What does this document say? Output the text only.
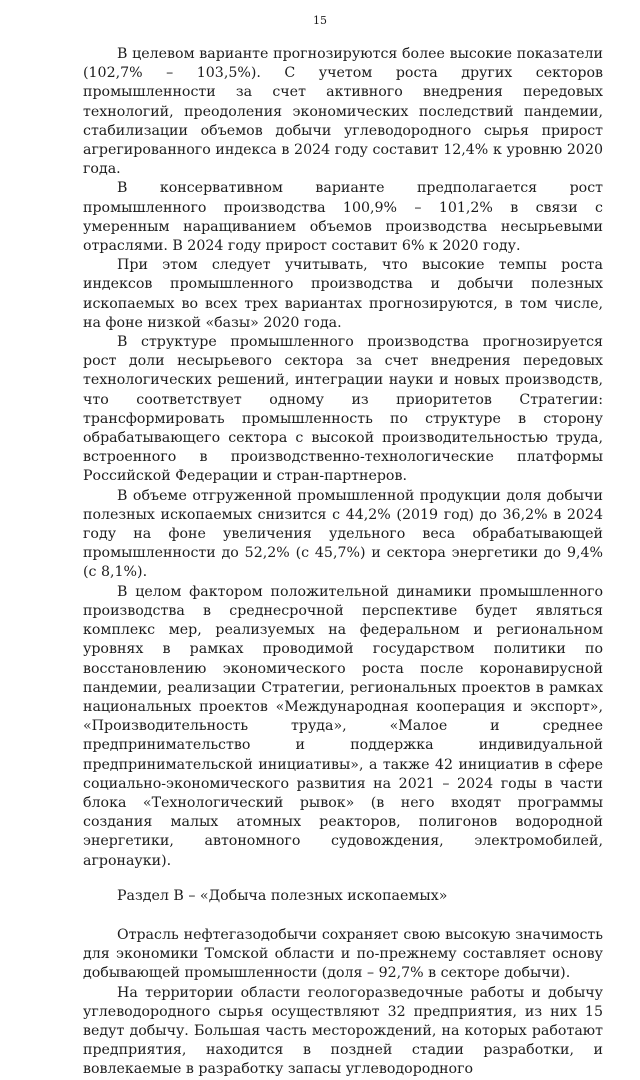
15

В целевом варианте прогнозируются более высокие показатели (102,7% – 103,5%). С учетом роста других секторов промышленности за счет активного внедрения передовых технологий, преодоления экономических последствий пандемии, стабилизации объемов добычи углеводородного сырья прирост агрегированного индекса в 2024 году составит 12,4% к уровню 2020 года.

В консервативном варианте предполагается рост промышленного производства 100,9% – 101,2% в связи с умеренным наращиванием объемов производства несырьевыми отраслями. В 2024 году прирост составит 6% к 2020 году.

При этом следует учитывать, что высокие темпы роста индексов промышленного производства и добычи полезных ископаемых во всех трех вариантах прогнозируются, в том числе, на фоне низкой «базы» 2020 года.

В структуре промышленного производства прогнозируется рост доли несырьевого сектора за счет внедрения передовых технологических решений, интеграции науки и новых производств, что соответствует одному из приоритетов Стратегии: трансформировать промышленность по структуре в сторону обрабатывающего сектора с высокой производительностью труда, встроенного в производственно-технологические платформы Российской Федерации и стран-партнеров.

В объеме отгруженной промышленной продукции доля добычи полезных ископаемых снизится с 44,2% (2019 год) до 36,2% в 2024 году на фоне увеличения удельного веса обрабатывающей промышленности до 52,2% (с 45,7%) и сектора энергетики до 9,4% (с 8,1%).

В целом фактором положительной динамики промышленного производства в среднесрочной перспективе будет являться комплекс мер, реализуемых на федеральном и региональном уровнях в рамках проводимой государством политики по восстановлению экономического роста после коронавирусной пандемии, реализации Стратегии, региональных проектов в рамках национальных проектов «Международная кооперация и экспорт», «Производительность труда», «Малое и среднее предпринимательство и поддержка индивидуальной предпринимательской инициативы», а также 42 инициатив в сфере социально-экономического развития на 2021 – 2024 годы в части блока «Технологический рывок» (в него входят программы создания малых атомных реакторов, полигонов водородной энергетики, автономного судовождения, электромобилей, агронауки).

Раздел В – «Добыча полезных ископаемых»

Отрасль нефтегазодобычи сохраняет свою высокую значимость для экономики Томской области и по-прежнему составляет основу добывающей промышленности (доля – 92,7% в секторе добычи).

На территории области геологоразведочные работы и добычу углеводородного сырья осуществляют 32 предприятия, из них 15 ведут добычу. Большая часть месторождений, на которых работают предприятия, находится в поздней стадии разработки, и вовлекаемые в разработку запасы углеводородного
